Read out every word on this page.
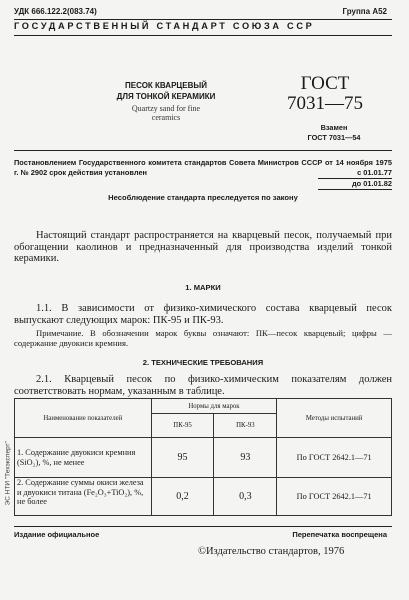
УДК 666.122.2(083.74)	Группа А52
ГОСУДАРСТВЕННЫЙ СТАНДАРТ СОЮЗА ССР
ПЕСОК КВАРЦЕВЫЙ
ДЛЯ ТОНКОЙ КЕРАМИКИ
Quartzy sand for fine
ceramics
ГОСТ
7031—75
Взамен
ГОСТ 7031—54
Постановлением Государственного комитета стандартов Совета Министров СССР от 14 ноября 1975 г. № 2902 срок действия установлен	с 01.01.77
до 01.01.82
Несоблюдение стандарта преследуется по закону
Настоящий стандарт распространяется на кварцевый песок, получаемый при обогащении каолинов и предназначенный для производства изделий тонкой керамики.
1. МАРКИ
1.1. В зависимости от физико-химического состава кварцевый песок выпускают следующих марок: ПК-95 и ПК-93.
Примечание. В обозначении марок буквы означают: ПК—песок кварцевый; цифры — содержание двуокиси кремния.
2. ТЕХНИЧЕСКИЕ ТРЕБОВАНИЯ
2.1. Кварцевый песок по физико-химическим показателям должен соответствовать нормам, указанным в таблице.
Наименование показателей	Нормы для марок		Методы испытаний
	ПК-95	ПК-93	
1. Содержание двуокиси кремния (SiO₂), %, не менее	95	93	По ГОСТ 2642.1—71
2. Содержание суммы окиси железа и двуокиси титана (Fe₂O₃+TiO₂), %, не более	0,2	0,3	По ГОСТ 2642.1—71
ЭС НТИ "Техэксперт"
Издание официальное	Перепечатка воспрещена
©Издательство стандартов, 1976
